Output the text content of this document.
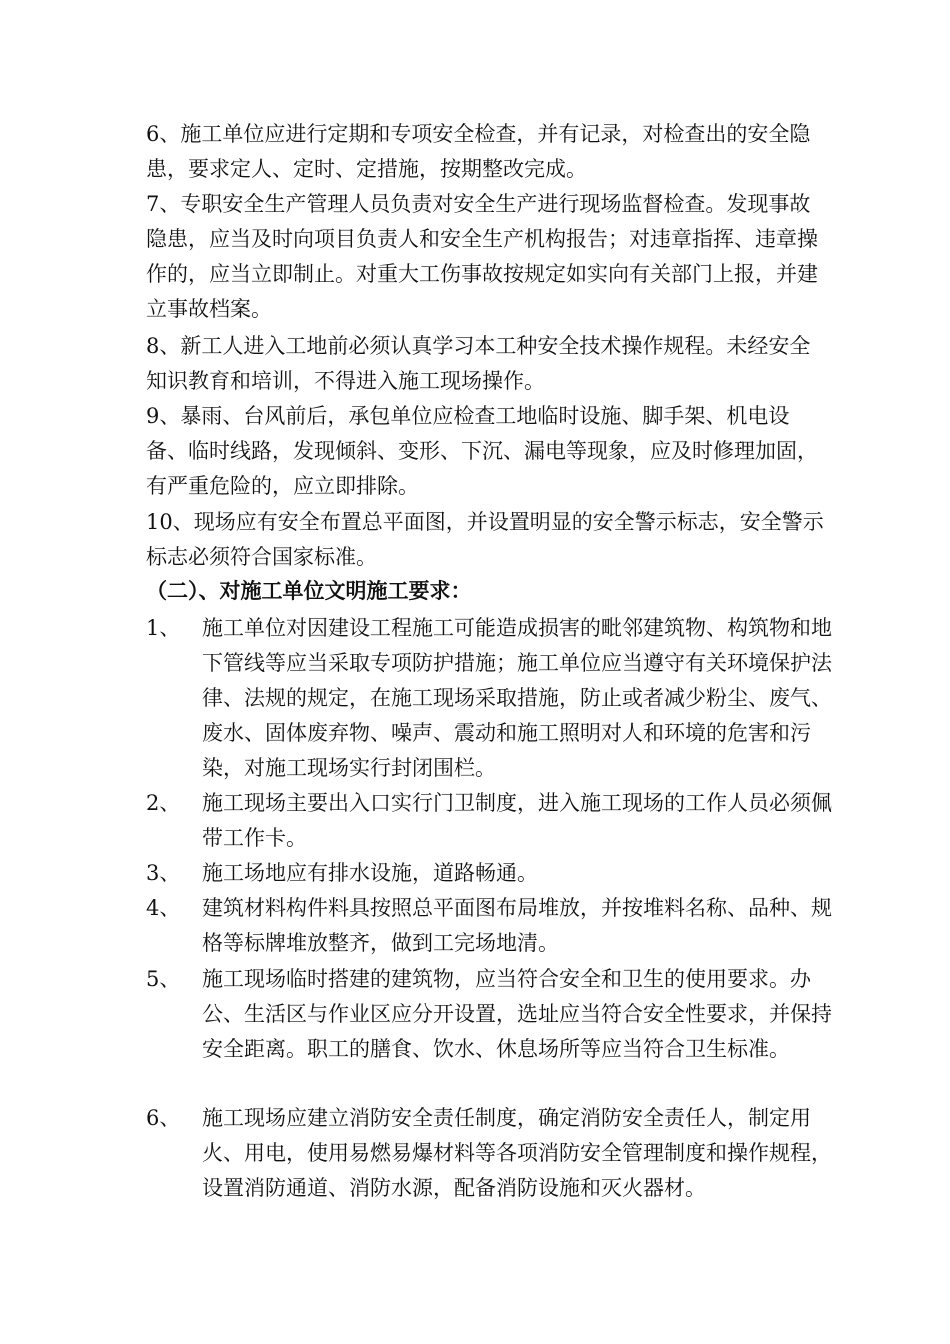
6、施工单位应进行定期和专项安全检查，并有记录，对检查出的安全隐患，要求定人、定时、定措施，按期整改完成。
7、专职安全生产管理人员负责对安全生产进行现场监督检查。发现事故隐患，应当及时向项目负责人和安全生产机构报告；对违章指挥、违章操作的，应当立即制止。对重大工伤事故按规定如实向有关部门上报，并建立事故档案。
8、新工人进入工地前必须认真学习本工种安全技术操作规程。未经安全知识教育和培训，不得进入施工现场操作。
9、暴雨、台风前后，承包单位应检查工地临时设施、脚手架、机电设备、临时线路，发现倾斜、变形、下沉、漏电等现象，应及时修理加固，有严重危险的，应立即排除。
10、现场应有安全布置总平面图，并设置明显的安全警示标志，安全警示标志必须符合国家标准。
（二）、对施工单位文明施工要求：
1、	施工单位对因建设工程施工可能造成损害的毗邻建筑物、构筑物和地下管线等应当采取专项防护措施；施工单位应当遵守有关环境保护法律、法规的规定，在施工现场采取措施，防止或者减少粉尘、废气、废水、固体废弃物、噪声、震动和施工照明对人和环境的危害和污染，对施工现场实行封闭围栏。
2、	施工现场主要出入口实行门卫制度，进入施工现场的工作人员必须佩带工作卡。
3、	施工场地应有排水设施，道路畅通。
4、	建筑材料构件料具按照总平面图布局堆放，并按堆料名称、品种、规格等标牌堆放整齐，做到工完场地清。
5、	施工现场临时搭建的建筑物，应当符合安全和卫生的使用要求。办公、生活区与作业区应分开设置，选址应当符合安全性要求，并保持安全距离。职工的膳食、饮水、休息场所等应当符合卫生标准。
6、	施工现场应建立消防安全责任制度，确定消防安全责任人，制定用火、用电，使用易燃易爆材料等各项消防安全管理制度和操作规程，设置消防通道、消防水源，配备消防设施和灭火器材。
